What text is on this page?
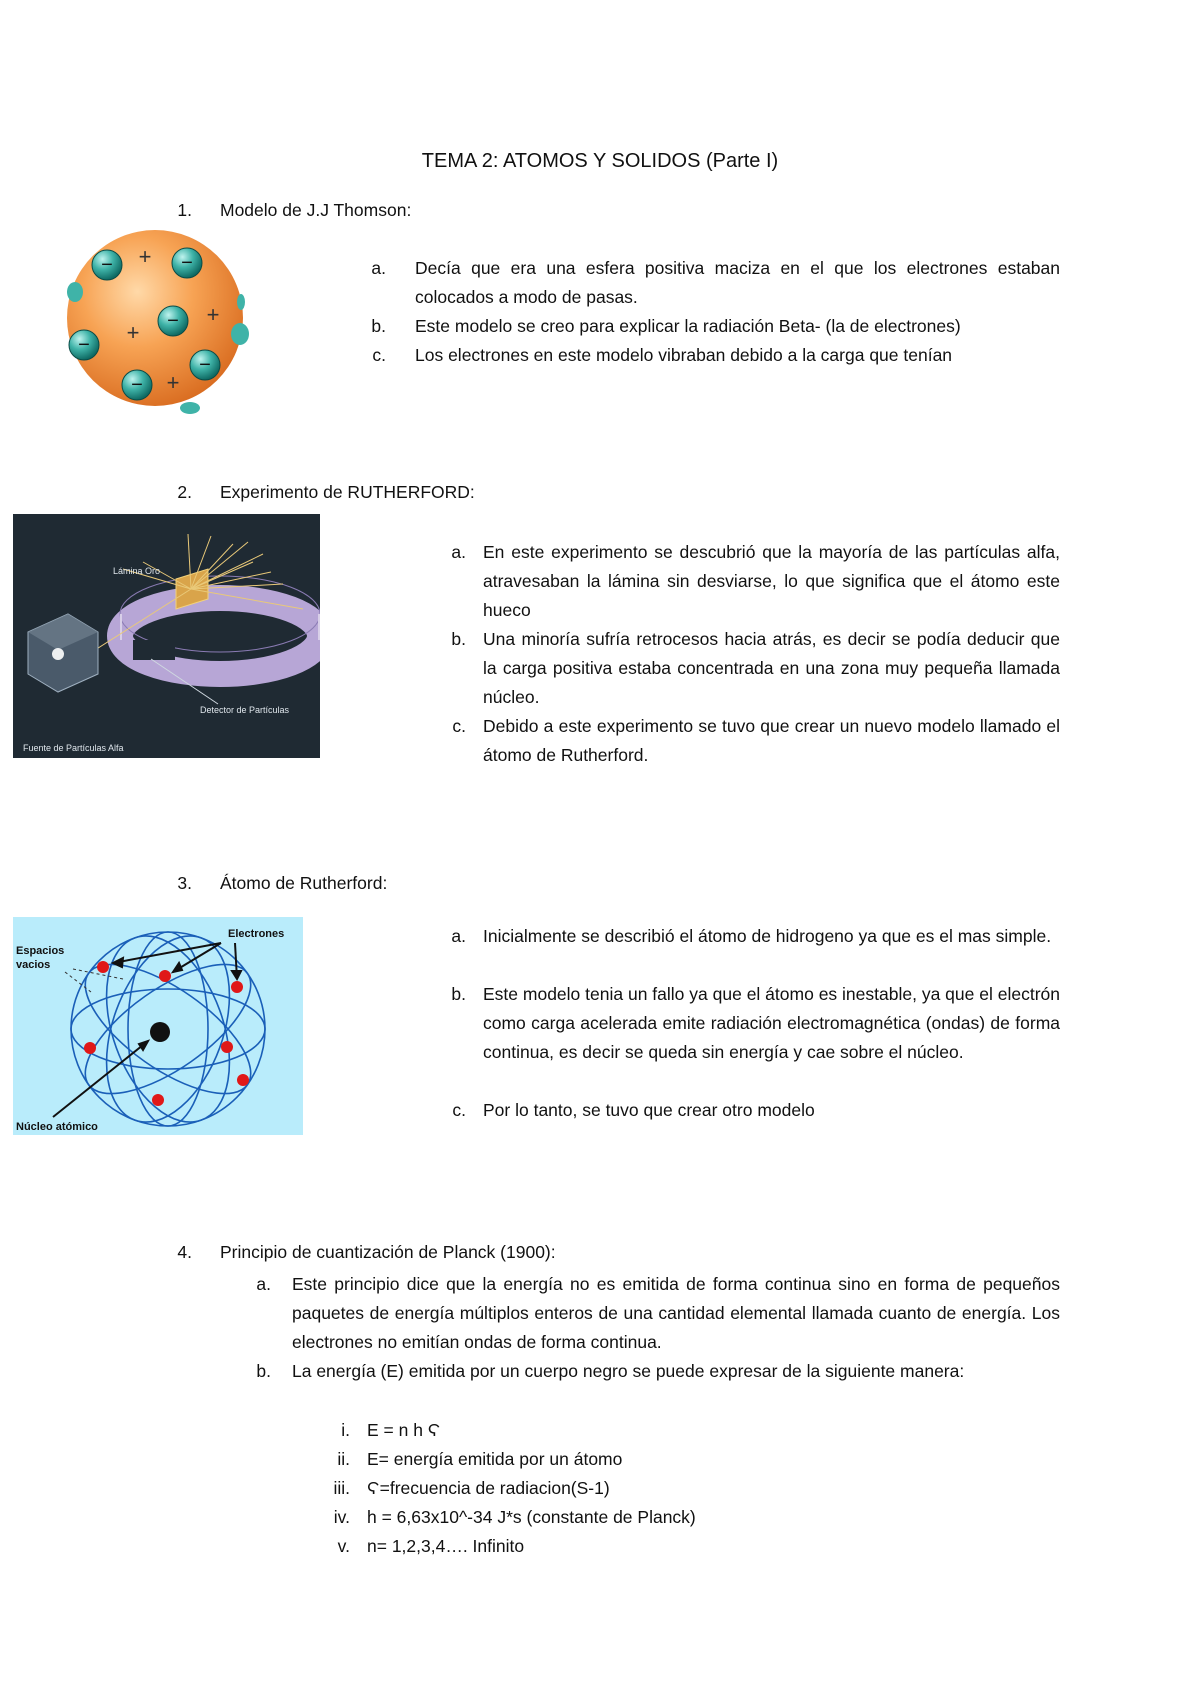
TEMA 2: ATOMOS Y SOLIDOS (Parte I)
1. Modelo de J.J Thomson:
−	−
−
−
−
−
+
+
+
+
a. Decía que era una esfera positiva maciza en el que los electrones estaban colocados a modo de pasas.
b. Este modelo se creo para explicar la radiación Beta- (la de electrones)
c. Los electrones en este modelo vibraban debido a la carga que tenían
2. Experimento de RUTHERFORD:
Lámina Oro
Detector de Partículas
Fuente de Partículas Alfa
a. En este experimento se descubrió que la mayoría de las partículas alfa, atravesaban la lámina sin desviarse, lo que significa que el átomo este hueco
b. Una minoría sufría retrocesos hacia atrás, es decir se podía deducir que la carga positiva estaba concentrada en una zona muy pequeña llamada núcleo.
c. Debido a este experimento se tuvo que crear un nuevo modelo llamado el átomo de Rutherford.
3. Átomo de Rutherford:
Electrones
Espacios
vacios
Núcleo atómico
a. Inicialmente se describió el átomo de hidrogeno ya que es el mas simple.
b. Este modelo tenia un fallo ya que el átomo es inestable, ya que el electrón como carga acelerada emite radiación electromagnética (ondas) de forma continua, es decir se queda sin energía y cae sobre el núcleo.
c. Por lo tanto, se tuvo que crear otro modelo
4. Principio de cuantización de Planck (1900):
a. Este principio dice que la energía no es emitida de forma continua sino en forma de pequeños paquetes de energía múltiplos enteros de una cantidad elemental llamada cuanto de energía. Los electrones no emitían ondas de forma continua.
b. La energía (E) emitida por un cuerpo negro se puede expresar de la siguiente manera:
i. E = n h Ϛ
ii. E= energía emitida por un átomo
iii. Ϛ=frecuencia de radiacion(S-1)
iv. h = 6,63x10^-34 J*s (constante de Planck)
v. n= 1,2,3,4…. Infinito
